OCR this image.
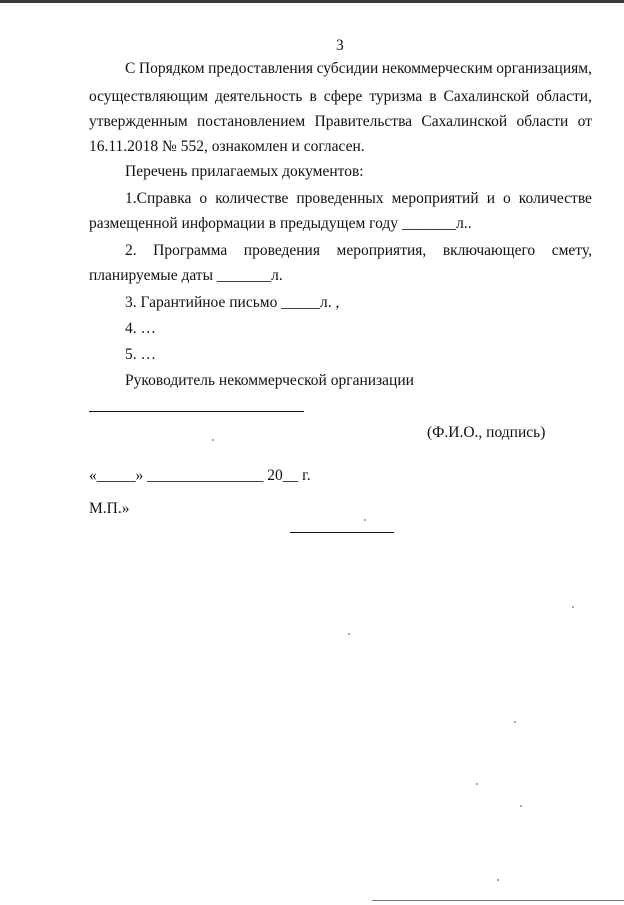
3
С Порядком предоставления субсидии некоммерческим организациям,
осуществляющим деятельность в сфере туризма в Сахалинской области,
утвержденным постановлением Правительства Сахалинской области от
16.11.2018 № 552, ознакомлен и согласен.
Перечень прилагаемых документов:
1.Справка о количестве проведенных мероприятий и о количестве
размещенной информации в предыдущем году _______л..
2. Программа проведения мероприятия, включающего смету,
планируемые даты _______л.
3. Гарантийное письмо _____л. ,
4. …
5. …
Руководитель некоммерческой организации
(Ф.И.О., подпись)
«_____» _______________ 20__ г.
М.П.»
